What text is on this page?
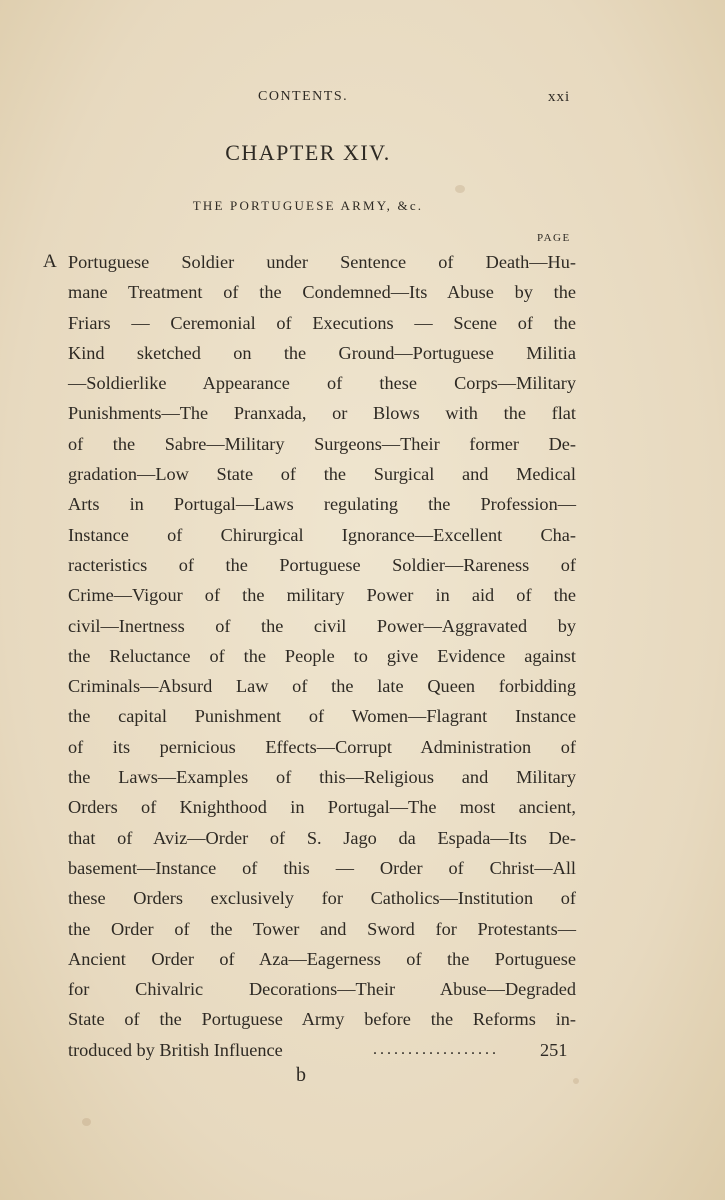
CONTENTS.	xxi
CHAPTER XIV.
THE PORTUGUESE ARMY, &c.
PAGE
A Portuguese Soldier under Sentence of Death—Hu-
mane Treatment of the Condemned—Its Abuse by the
Friars — Ceremonial of Executions — Scene of the
Kind sketched on the Ground—Portuguese Militia
—Soldierlike Appearance of these Corps—Military
Punishments—The Pranxada, or Blows with the flat
of the Sabre—Military Surgeons—Their former De-
gradation—Low State of the Surgical and Medical
Arts in Portugal—Laws regulating the Profession—
Instance of Chirurgical Ignorance—Excellent Cha-
racteristics of the Portuguese Soldier—Rareness of
Crime—Vigour of the military Power in aid of the
civil—Inertness of the civil Power—Aggravated by
the Reluctance of the People to give Evidence against
Criminals—Absurd Law of the late Queen forbidding
the capital Punishment of Women—Flagrant Instance
of its pernicious Effects—Corrupt Administration of
the Laws—Examples of this—Religious and Military
Orders of Knighthood in Portugal—The most ancient,
that of Aviz—Order of S. Jago da Espada—Its De-
basement—Instance of this — Order of Christ—All
these Orders exclusively for Catholics—Institution of
the Order of the Tower and Sword for Protestants—
Ancient Order of Aza—Eagerness of the Portuguese
for Chivalric Decorations—Their Abuse—Degraded
State of the Portuguese Army before the Reforms in-
troduced by British Influence	..................	251
b
